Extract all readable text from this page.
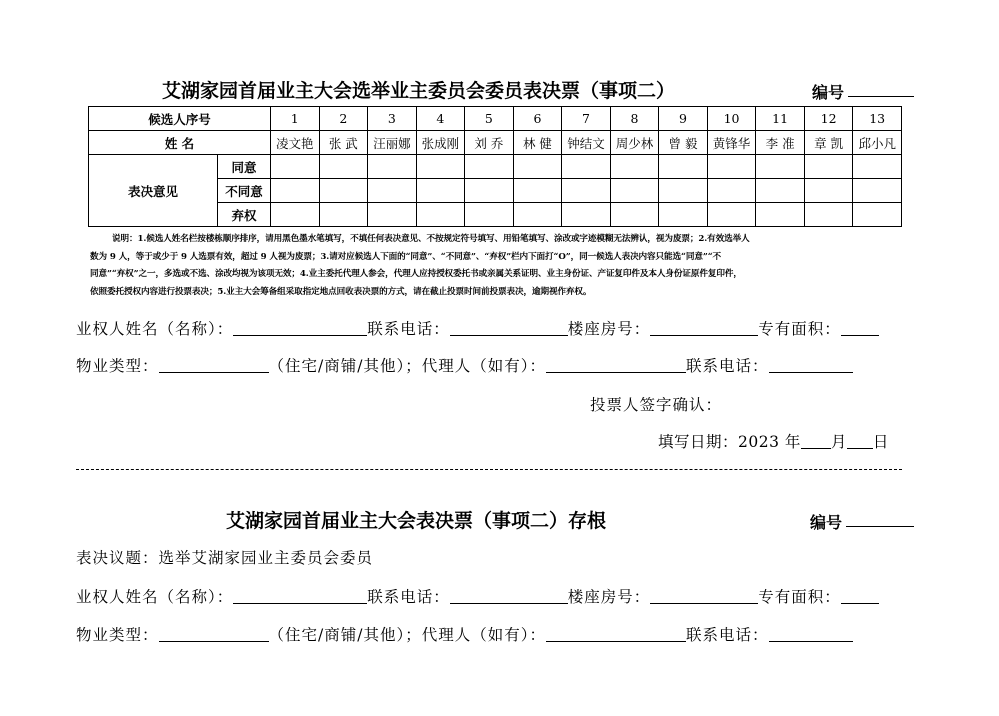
艾湖家园首届业主大会选举业主委员会委员表决票（事项二）	编号
候选人序号		1	2	3	4	5	6	7	8	9	10	11	12	13
姓 名		凌文艳	张 武	汪丽娜	张成刚	刘 乔	林 健	钟结文	周少林	曾 毅	黄锋华	李 准	章 凯	邱小凡
表决意见	同意													
	不同意													
	弃权													
说明：1.候选人姓名栏按楼栋顺序排序，请用黑色墨水笔填写，不填任何表决意见、不按规定符号填写、用铅笔填写、涂改或字迹模糊无法辨认，视为废票；2.有效选举人
数为 9 人，等于或少于 9 人选票有效，超过 9 人视为废票；3.请对应候选人下面的“同意”、“不同意”、“弃权”栏内下面打“O”，同一候选人表决内容只能选“同意”“不
同意”“弃权”之一，多选或不选、涂改均视为该项无效；4.业主委托代理人参会，代理人应持授权委托书或亲属关系证明、业主身份证、产证复印件及本人身份证原件复印件，
依照委托授权内容进行投票表决；5.业主大会筹备组采取指定地点回收表决票的方式，请在截止投票时间前投票表决，逾期视作弃权。
业权人姓名（名称）：	联系电话：	楼座房号：	专有面积：
物业类型：	（住宅/商铺/其他）；代理人（如有）：	联系电话：
投票人签字确认：
填写日期：2023 年 月 日
艾湖家园首届业主大会表决票（事项二）存根	编号
表决议题：选举艾湖家园业主委员会委员
业权人姓名（名称）：	联系电话：	楼座房号：	专有面积：
物业类型：	（住宅/商铺/其他）；代理人（如有）：	联系电话：
